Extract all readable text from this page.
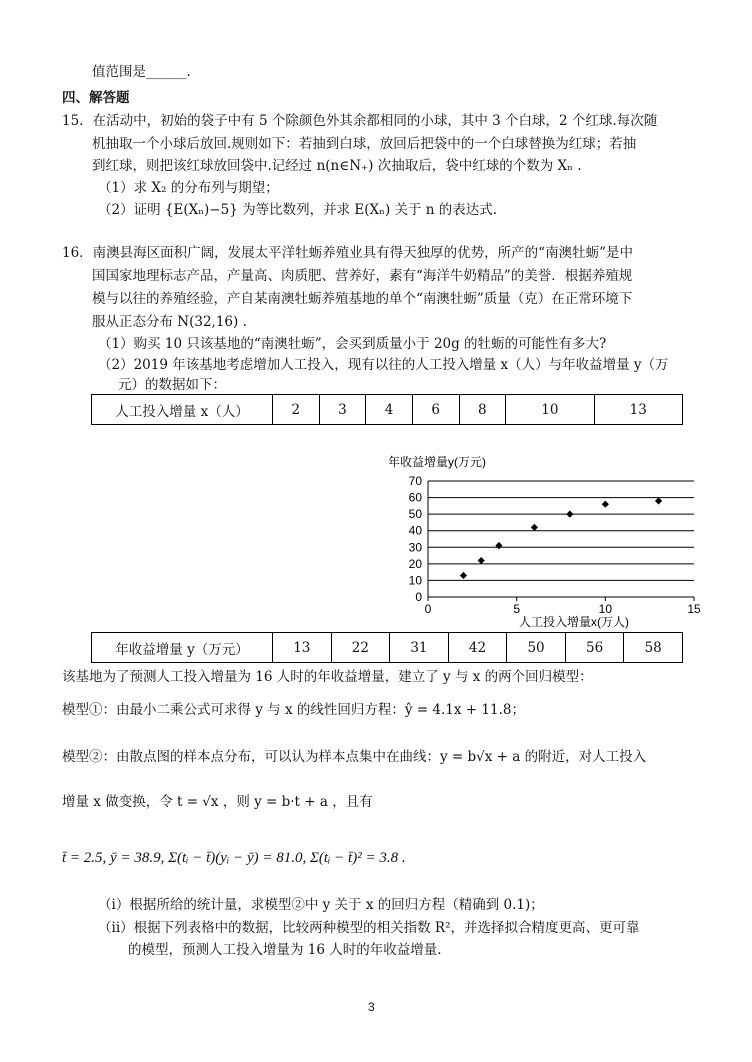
值范围是______.
四、解答题
15．在活动中，初始的袋子中有 5 个除颜色外其余都相同的小球，其中 3 个白球，2 个红球.每次随
机抽取一个小球后放回.规则如下：若抽到白球，放回后把袋中的一个白球替换为红球；若抽
到红球，则把该红球放回袋中.记经过 n(n∈N₊) 次抽取后，袋中红球的个数为 Xₙ .
（1）求 X₂ 的分布列与期望；
（2）证明 {E(Xₙ)−5} 为等比数列，并求 E(Xₙ) 关于 n 的表达式.
16．南澳县海区面积广阔，发展太平洋牡蛎养殖业具有得天独厚的优势，所产的“南澳牡蛎”是中
国国家地理标志产品，产量高、肉质肥、营养好，素有“海洋牛奶精品”的美誉．根据养殖规
模与以往的养殖经验，产自某南澳牡蛎养殖基地的单个“南澳牡蛎”质量（克）在正常环境下
服从正态分布 N(32,16) .
（1）购买 10 只该基地的“南澳牡蛎”，会买到质量小于 20g 的牡蛎的可能性有多大?
（2）2019 年该基地考虑增加人工投入，现有以往的人工投入增量 x（人）与年收益增量 y（万
元）的数据如下：
人工投入增量 x（人）	2	3	4	6	8	10	13
年收益增量y(万元)
人工投入增量x(万人)
0
10
20
30
40
50
60
70
0	5	10	15
年收益增量 y（万元）	13	22	31	42	50	56	58
该基地为了预测人工投入增量为 16 人时的年收益增量，建立了 y 与 x 的两个回归模型：
模型①：由最小二乘公式可求得 y 与 x 的线性回归方程：ŷ = 4.1x + 11.8；
模型②：由散点图的样本点分布，可以认为样本点集中在曲线：y = b√x + a 的附近，对人工投入
增量 x 做变换，令 t = √x ，则 y = b·t + a ，且有
t̄ = 2.5, ȳ = 38.9, Σ(tᵢ − t̄)(yᵢ − ȳ) = 81.0, Σ(tᵢ − t̄)² = 3.8 .
（i）根据所给的统计量，求模型②中 y 关于 x 的回归方程（精确到 0.1)；
（ii）根据下列表格中的数据，比较两种模型的相关指数 R²，并选择拟合精度更高、更可靠
的模型，预测人工投入增量为 16 人时的年收益增量.
3
